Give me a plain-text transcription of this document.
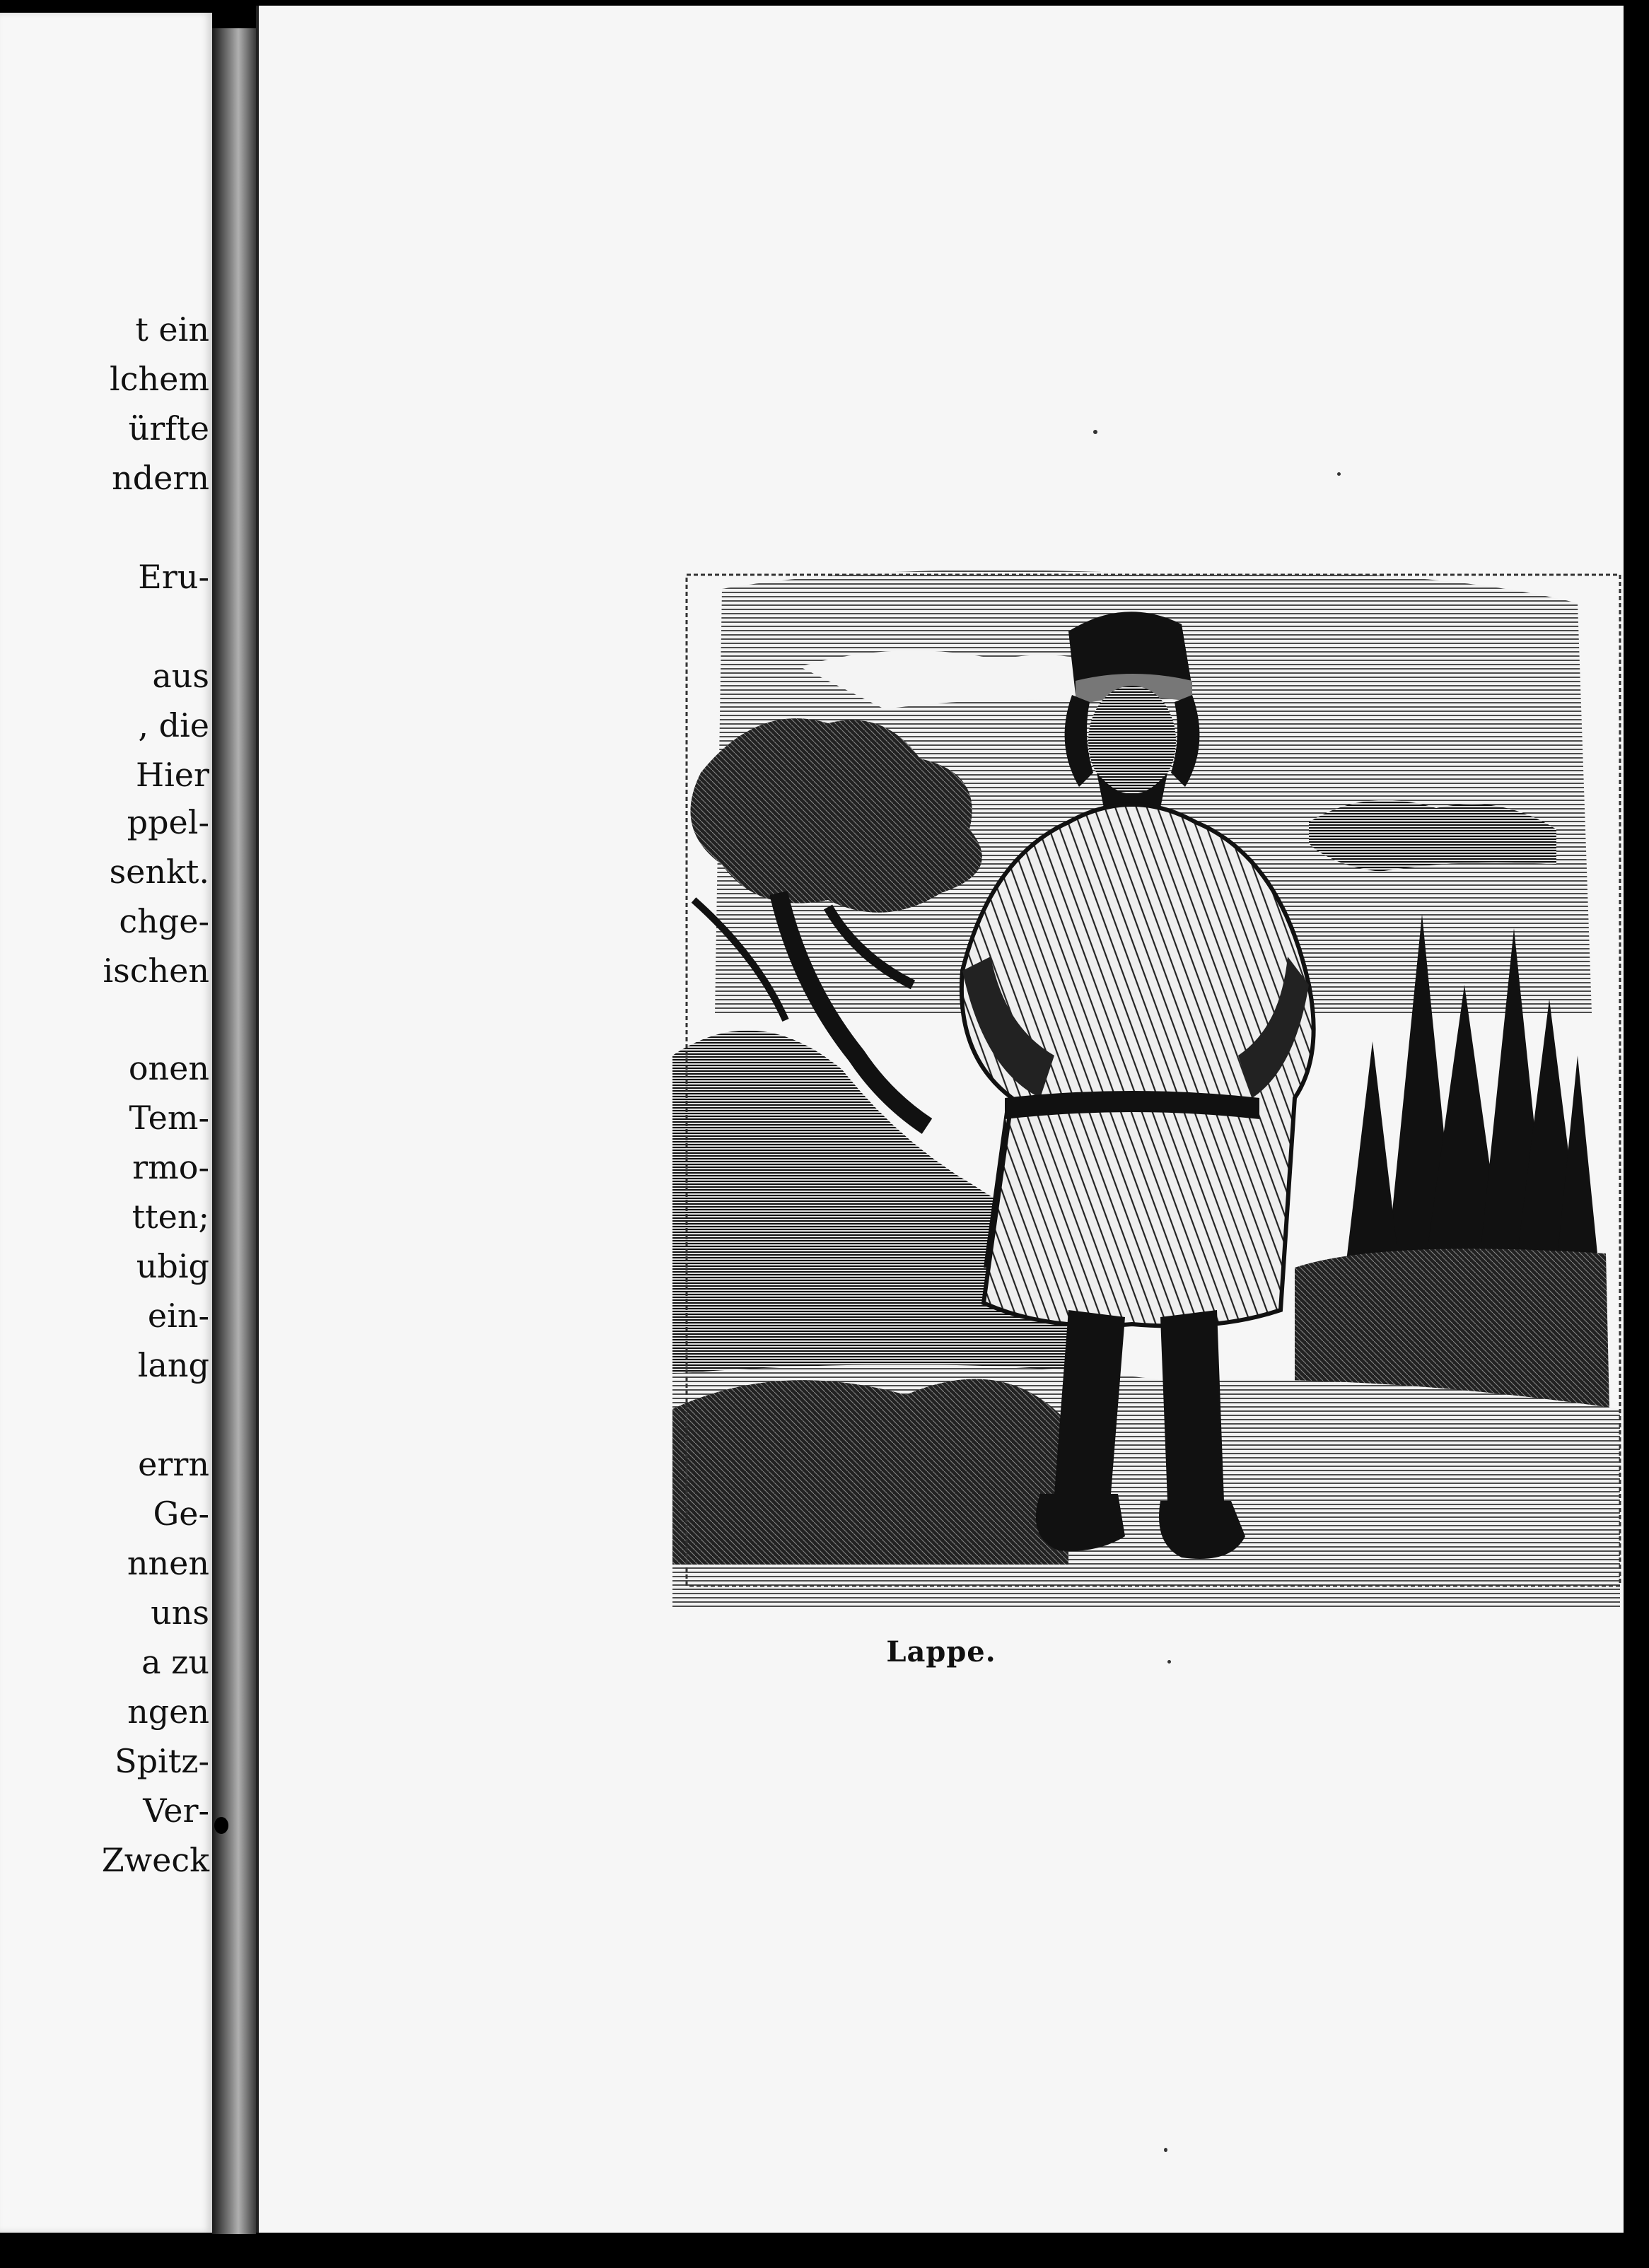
t ein
lchem
ürfte
ndern
Eru-
aus
, die
Hier
ppel-
senkt.
chge-
ischen
onen
Tem-
rmo-
tten;
ubig
ein-
lang
errn
Ge-
nnen
uns
a zu
ngen
Spitz-
Ver-
Zweck
Lappe.
